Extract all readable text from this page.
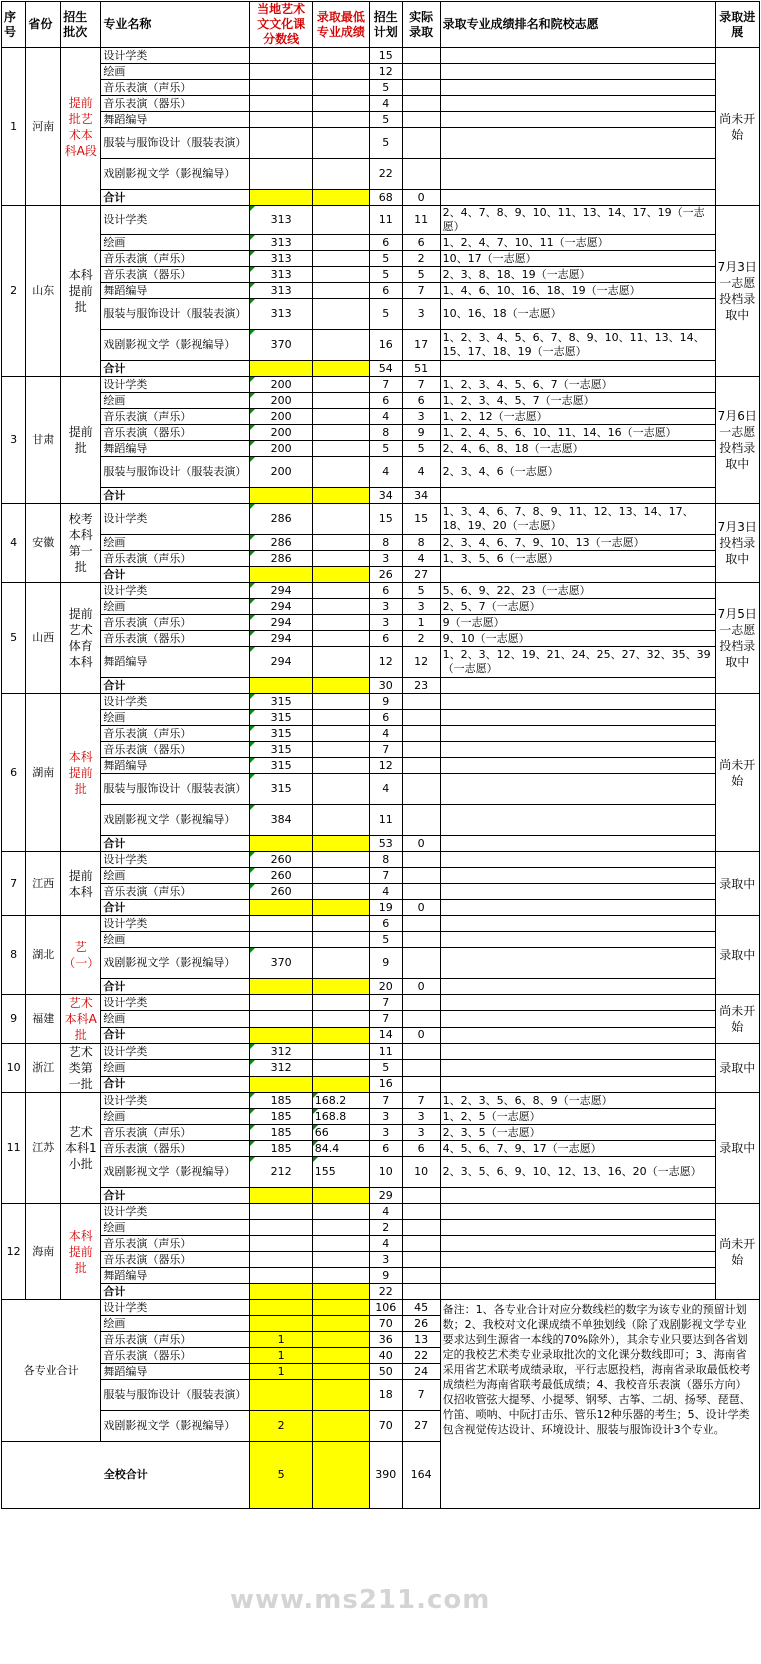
序号	省份	招生批次	专业名称	当地艺术文文化课分数线	录取最低专业成绩	招生计划	实际录取	录取专业成绩排名和院校志愿	录取进展
1	河南	提前批艺术本科A段	设计学类			15			尚未开始
			绘画			12			
			音乐表演（声乐）			5			
			音乐表演（器乐）			4			
			舞蹈编导			5			
			服装与服饰设计（服装表演）			5			
			戏剧影视文学（影视编导）			22			
			合计			68	0		
2	山东	本科提前批	设计学类	313		11	11	2、4、7、8、9、10、11、13、14、17、19（一志愿）	7月3日一志愿投档录取中
			绘画	313		6	6	1、2、4、7、10、11（一志愿）	
			音乐表演（声乐）	313		5	2	10、17（一志愿）	
			音乐表演（器乐）	313		5	5	2、3、8、18、19（一志愿）	
			舞蹈编导	313		6	7	1、4、6、10、16、18、19（一志愿）	
			服装与服饰设计（服装表演）	313		5	3	10、16、18（一志愿）	
			戏剧影视文学（影视编导）	370		16	17	1、2、3、4、5、6、7、8、9、10、11、13、14、15、17、18、19（一志愿）	
			合计			54	51		
3	甘肃	提前批	设计学类	200		7	7	1、2、3、4、5、6、7（一志愿）	7月6日一志愿投档录取中
			绘画	200		6	6	1、2、3、4、5、7（一志愿）	
			音乐表演（声乐）	200		4	3	1、2、12（一志愿）	
			音乐表演（器乐）	200		8	9	1、2、4、5、6、10、11、14、16（一志愿）	
			舞蹈编导	200		5	5	2、4、6、8、18（一志愿）	
			服装与服饰设计（服装表演）	200		4	4	2、3、4、6（一志愿）	
			合计			34	34		
4	安徽	校考本科第一批	设计学类	286		15	15	1、3、4、6、7、8、9、11、12、13、14、17、18、19、20（一志愿）	7月3日投档录取中
			绘画	286		8	8	2、3、4、6、7、9、10、13（一志愿）	
			音乐表演（声乐）	286		3	4	1、3、5、6（一志愿）	
			合计			26	27		
5	山西	提前艺术体育本科	设计学类	294		6	5	5、6、9、22、23（一志愿）	7月5日一志愿投档录取中
			绘画	294		3	3	2、5、7（一志愿）	
			音乐表演（声乐）	294		3	1	9（一志愿）	
			音乐表演（器乐）	294		6	2	9、10（一志愿）	
			舞蹈编导	294		12	12	1、2、3、12、19、21、24、25、27、32、35、39（一志愿）	
			合计			30	23		
6	湖南	本科提前批	设计学类	315		9			尚未开始
			绘画	315		6			
			音乐表演（声乐）	315		4			
			音乐表演（器乐）	315		7			
			舞蹈编导	315		12			
			服装与服饰设计（服装表演）	315		4			
			戏剧影视文学（影视编导）	384		11			
			合计			53	0		
7	江西	提前本科	设计学类	260		8			录取中
			绘画	260		7			
			音乐表演（声乐）	260		4			
			合计			19	0		
8	湖北	艺（一）	设计学类			6			录取中
			绘画			5			
			戏剧影视文学（影视编导）	370		9			
			合计			20	0		
9	福建	艺术本科A批	设计学类			7			尚未开始
			绘画			7			
			合计			14	0		
10	浙江	艺术类第一批	设计学类	312		11			录取中
			绘画	312		5			
			合计			16			
11	江苏	艺术本科1小批	设计学类	185	168.2	7	7	1、2、3、5、6、8、9（一志愿）	录取中
			绘画	185	168.8	3	3	1、2、5（一志愿）	
			音乐表演（声乐）	185	66	3	3	2、3、5（一志愿）	
			音乐表演（器乐）	185	84.4	6	6	4、5、6、7、9、17（一志愿）	
			戏剧影视文学（影视编导）	212	155	10	10	2、3、5、6、9、10、12、13、16、20（一志愿）	
			合计			29			
12	海南	本科提前批	设计学类			4			尚未开始
			绘画			2			
			音乐表演（声乐）			4			
			音乐表演（器乐）			3			
			舞蹈编导			9			
			合计			22			
各专业合计			设计学类			106	45	备注：1、各专业合计对应分数线栏的数字为该专业的预留计划数；2、我校对文化课成绩不单独划线（除了戏剧影视文学专业要求达到生源省一本线的70%除外），其余专业只要达到各省划定的我校艺术类专业录取批次的文化课分数线即可；3、海南省采用省艺术联考成绩录取，平行志愿投档，海南省录取最低校考成绩栏为海南省联考最低成绩；4、我校音乐表演（器乐方向）仅招收管弦大提琴、小提琴、钢琴、古筝、二胡、扬琴、琵琶、竹笛、唢呐、中阮打击乐、管乐12种乐器的考生；5、设计学类包含视觉传达设计、环境设计、服装与服饰设计3个专业。	
			绘画			70	26		
			音乐表演（声乐）	1		36	13		
			音乐表演（器乐）	1		40	22		
			舞蹈编导	1		50	24		
			服装与服饰设计（服装表演）			18	7		
			戏剧影视文学（影视编导）	2		70	27		
全校合计				5		390	164		
www.ms211.com
